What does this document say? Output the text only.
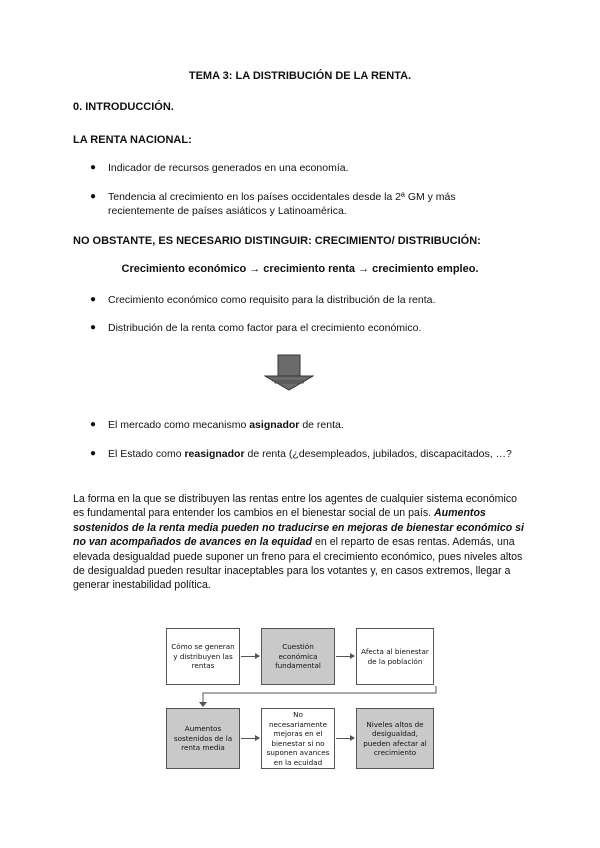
TEMA 3: LA DISTRIBUCIÓN DE LA RENTA.
0. INTRODUCCIÓN.
LA RENTA NACIONAL:
● Indicador de recursos generados en una economía.
● Tendencia al crecimiento en los países occidentales desde la 2ª GM y más recientemente de países asiáticos y Latinoamérica.
NO OBSTANTE, ES NECESARIO DISTINGUIR: CRECIMIENTO/ DISTRIBUCIÓN:
Crecimiento económico → crecimiento renta → crecimiento empleo.
● Crecimiento económico como requisito para la distribución de la renta.
● Distribución de la renta como factor para el crecimiento económico.
● El mercado como mecanismo asignador de renta.
● El Estado como reasignador de renta (¿desempleados, jubilados, discapacitados, …?
La forma en la que se distribuyen las rentas entre los agentes de cualquier sistema económico es fundamental para entender los cambios en el bienestar social de un país. Aumentos sostenidos de la renta media pueden no traducirse en mejoras de bienestar económico si no van acompañados de avances en la equidad en el reparto de esas rentas. Además, una elevada desigualdad puede suponer un freno para el crecimiento económico, pues niveles altos de desigualdad pueden resultar inaceptables para los votantes y, en casos extremos, llegar a generar inestabilidad política.
Cómo se generan y distribuyen las rentas
Cuestión económica fundamental
Afecta al bienestar de la población
Aumentos sostenidos de la renta media
No necesariamente mejoras en el bienestar si no suponen avances en la ecuidad
Niveles altos de desigualdad, pueden afectar al crecimiento
